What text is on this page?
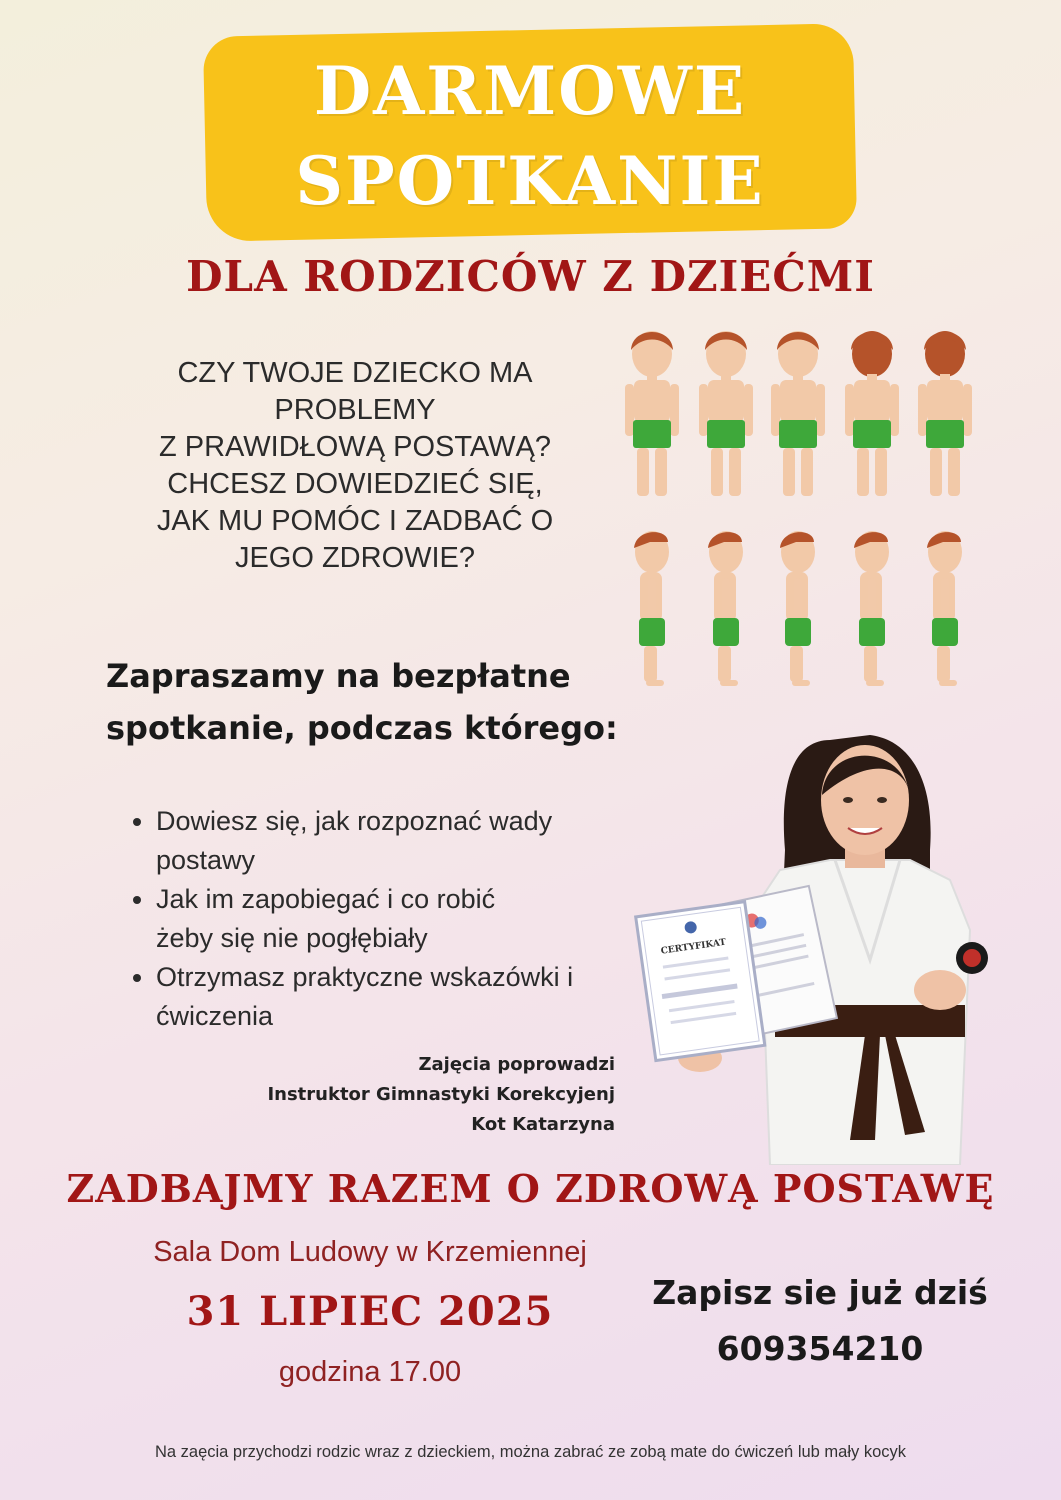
DARMOWE
SPOTKANIE
DLA RODZICÓW Z DZIEĆMI
CZY TWOJE DZIECKO MA
PROBLEMY
Z PRAWIDŁOWĄ POSTAWĄ?
CHCESZ DOWIEDZIEĆ SIĘ,
JAK MU POMÓC I ZADBAĆ O
JEGO ZDROWIE?
Zapraszamy na bezpłatne
spotkanie, podczas którego:
• Dowiesz się, jak rozpoznać wady
postawy
• Jak im zapobiegać i co robić
żeby się nie pogłębiały
• Otrzymasz praktyczne wskazówki i
ćwiczenia
CERTYFIKAT
Zajęcia poprowadzi
Instruktor Gimnastyki Korekcyjenj
Kot Katarzyna
ZADBAJMY RAZEM O ZDROWĄ POSTAWĘ
Sala Dom Ludowy w Krzemiennej
31 LIPIEC 2025
godzina 17.00
Zapisz sie już dziś
609354210
Na zaęcia przychodzi rodzic wraz z dzieckiem, można zabrać ze zobą mate do ćwiczeń lub mały kocyk
